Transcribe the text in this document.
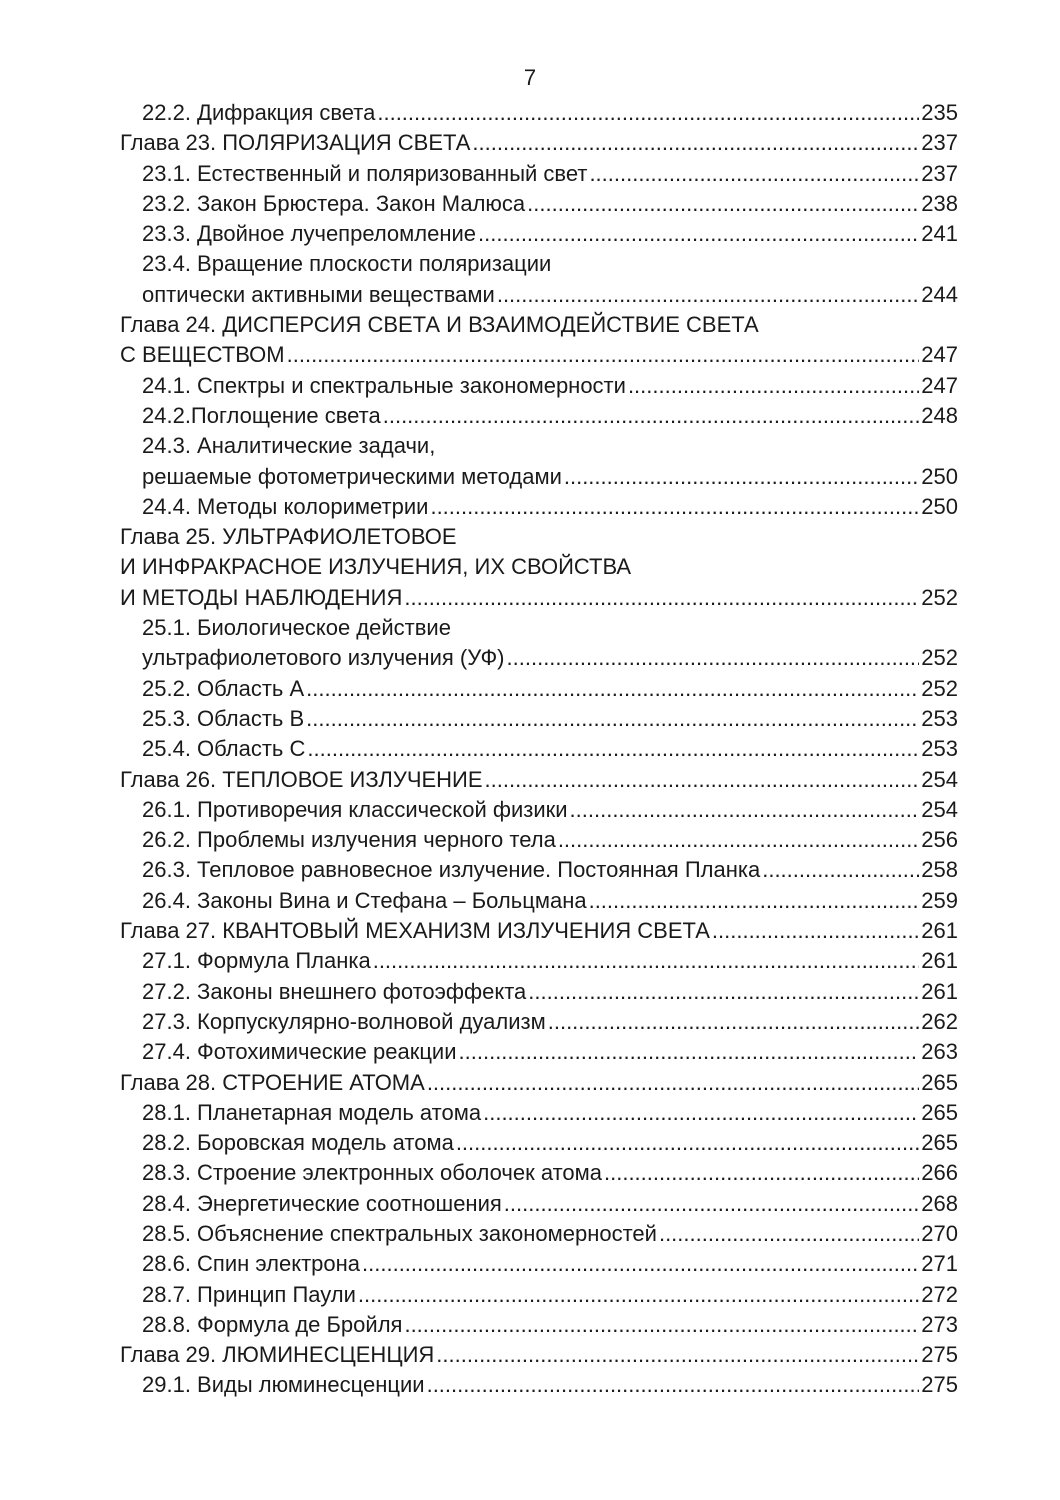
7
22.2. Дифракция света .....	235
Глава 23. ПОЛЯРИЗАЦИЯ СВЕТА .....	237
23.1. Естественный и поляризованный свет .....	237
23.2. Закон Брюстера. Закон Малюса .....	238
23.3. Двойное лучепреломление .....	241
23.4. Вращение плоскости поляризации
оптически активными веществами .....	244
Глава 24. ДИСПЕРСИЯ СВЕТА И ВЗАИМОДЕЙСТВИЕ СВЕТА
С ВЕЩЕСТВОМ .....	247
24.1. Спектры и спектральные закономерности .....	247
24.2.Поглощение света .....	248
24.3. Аналитические задачи,
решаемые фотометрическими методами .....	250
24.4. Методы колориметрии .....	250
Глава 25. УЛЬТРАФИОЛЕТОВОЕ
И ИНФРАКРАСНОЕ ИЗЛУЧЕНИЯ, ИХ СВОЙСТВА
И МЕТОДЫ НАБЛЮДЕНИЯ .....	252
25.1. Биологическое действие
ультрафиолетового излучения (УФ) .....	252
25.2. Область А .....	252
25.3. Область В .....	253
25.4. Область С .....	253
Глава 26. ТЕПЛОВОЕ ИЗЛУЧЕНИЕ .....	254
26.1. Противоречия классической физики .....	254
26.2. Проблемы излучения черного тела .....	256
26.3. Тепловое равновесное излучение. Постоянная Планка .....	258
26.4. Законы Вина и Стефана – Больцмана .....	259
Глава 27. КВАНТОВЫЙ МЕХАНИЗМ ИЗЛУЧЕНИЯ СВЕТА .....	261
27.1. Формула Планка .....	261
27.2. Законы внешнего фотоэффекта .....	261
27.3. Корпускулярно-волновой дуализм .....	262
27.4. Фотохимические реакции .....	263
Глава 28. СТРОЕНИЕ АТОМА .....	265
28.1. Планетарная модель атома .....	265
28.2. Боровская модель атома .....	265
28.3. Строение электронных оболочек атома .....	266
28.4. Энергетические соотношения .....	268
28.5. Объяснение спектральных закономерностей .....	270
28.6. Спин электрона .....	271
28.7. Принцип Паули .....	272
28.8. Формула де Бройля .....	273
Глава 29. ЛЮМИНЕСЦЕНЦИЯ .....	275
29.1. Виды люминесценции .....	275
